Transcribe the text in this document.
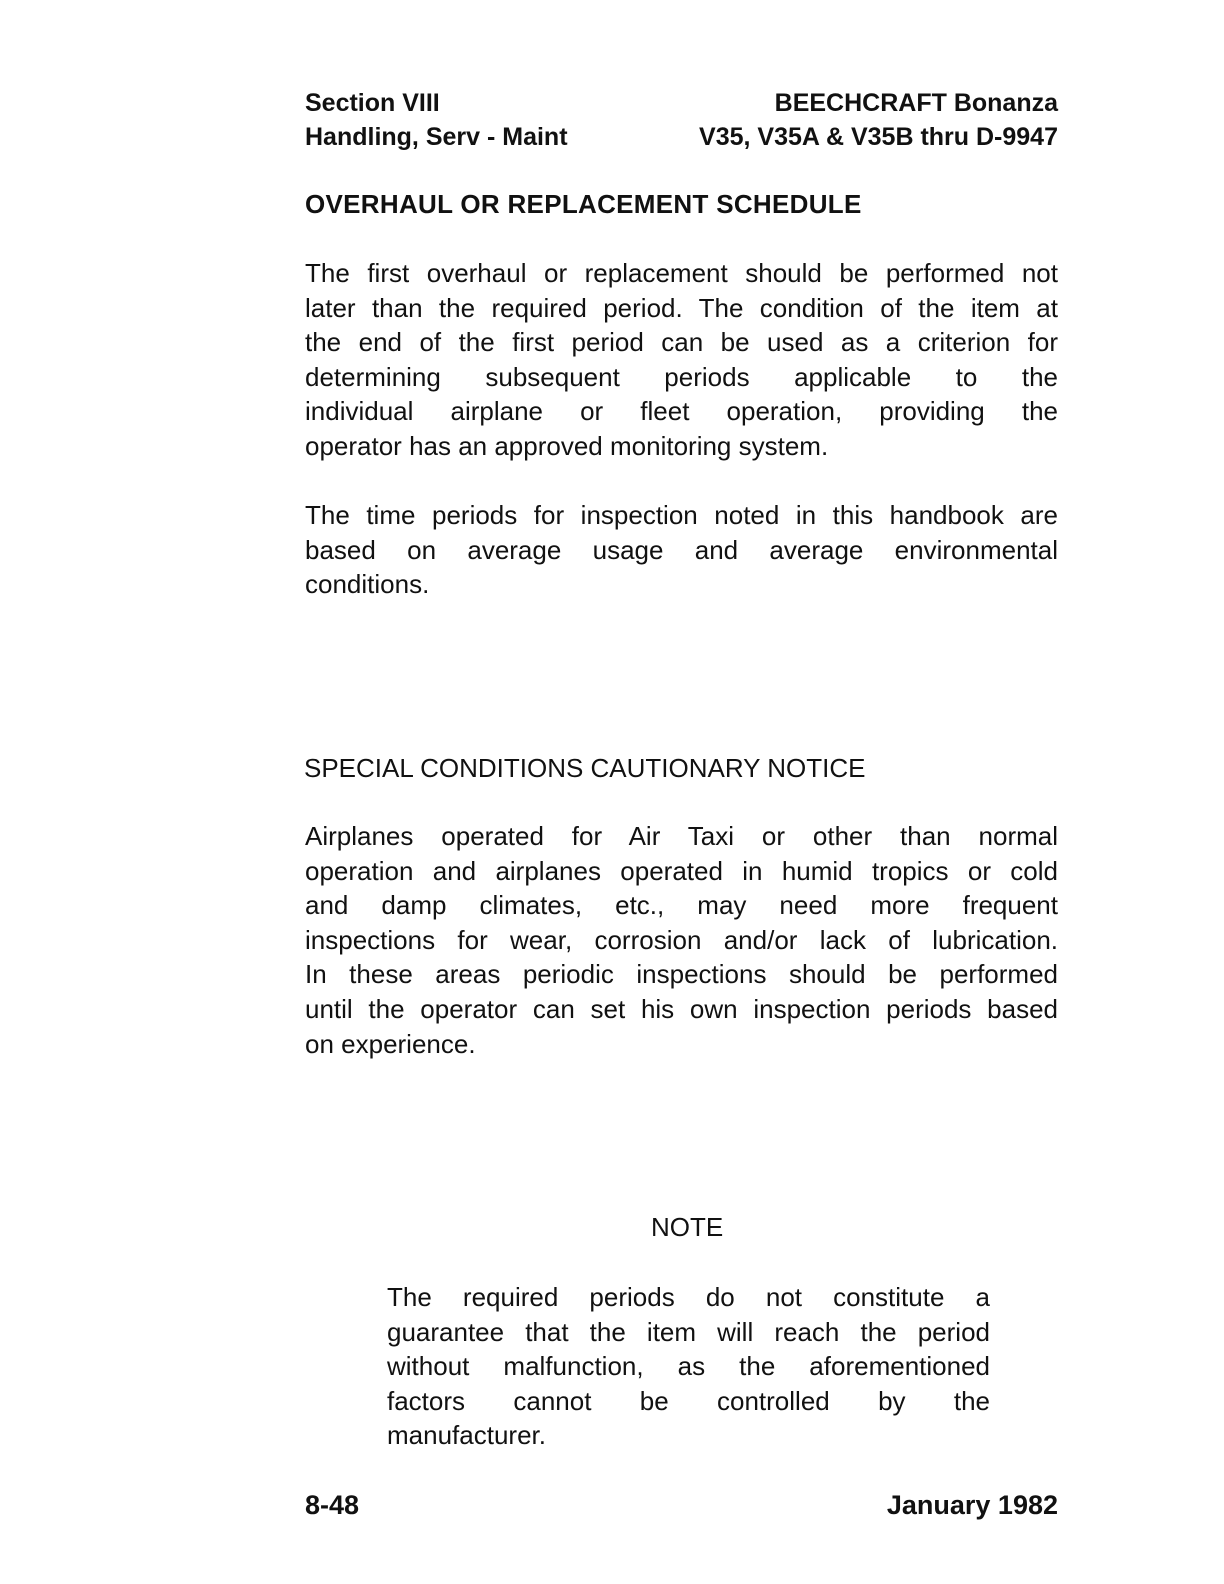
Section VIII
Handling, Serv - Maint
BEECHCRAFT Bonanza
V35, V35A & V35B thru D-9947
OVERHAUL OR REPLACEMENT SCHEDULE
The first overhaul or replacement should be performed not
later than the required period. The condition of the item at
the end of the first period can be used as a criterion for
determining subsequent periods applicable to the
individual airplane or fleet operation, providing the
operator has an approved monitoring system.
The time periods for inspection noted in this handbook are
based on average usage and average environmental
conditions.
SPECIAL CONDITIONS CAUTIONARY NOTICE
Airplanes operated for Air Taxi or other than normal
operation and airplanes operated in humid tropics or cold
and damp climates, etc., may need more frequent
inspections for wear, corrosion and/or lack of lubrication.
In these areas periodic inspections should be performed
until the operator can set his own inspection periods based
on experience.
NOTE
The required periods do not constitute a
guarantee that the item will reach the period
without malfunction, as the aforementioned
factors cannot be controlled by the
manufacturer.
8-48	January 1982
